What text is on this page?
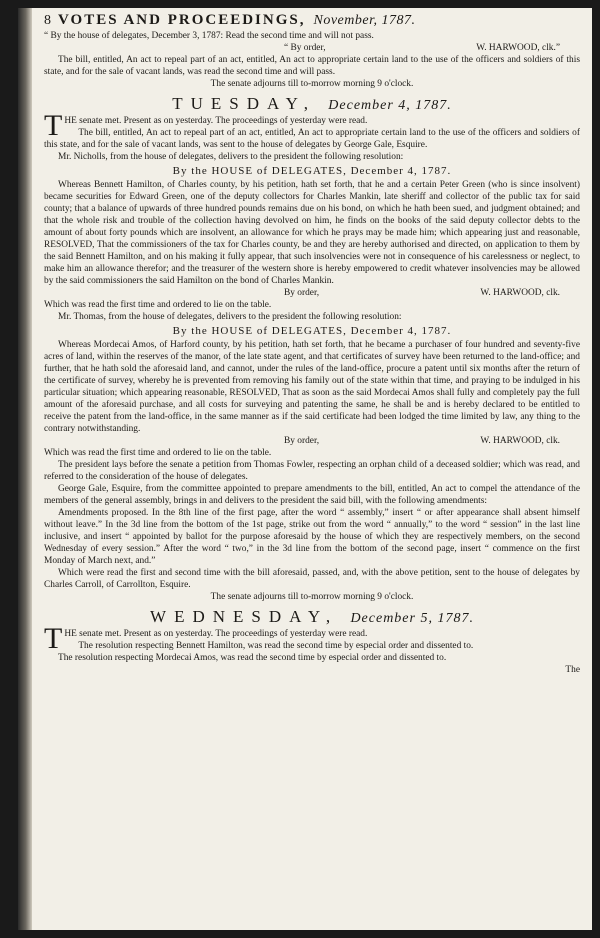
8 VOTES AND PROCEEDINGS, November, 1787.

“ By the house of delegates, December 3, 1787: Read the second time and will not pass.

“ By order,	W. HARWOOD, clk.”

The bill, entitled, An act to repeal part of an act, entitled, An act to appropriate certain land to the use of the officers and soldiers of this state, and for the sale of vacant lands, was read the second time and will pass.

The senate adjourns till to-morrow morning 9 o'clock.

TUESDAY, December 4, 1787.

T HE senate met. Present as on yesterday. The proceedings of yesterday were read.

The bill, entitled, An act to repeal part of an act, entitled, An act to appropriate certain land to the use of the officers and soldiers of this state, and for the sale of vacant lands, was sent to the house of delegates by George Gale, Esquire.

Mr. Nicholls, from the house of delegates, delivers to the president the following resolution:

By the HOUSE of DELEGATES, December 4, 1787.

Whereas Bennett Hamilton, of Charles county, by his petition, hath set forth, that he and a certain Peter Green (who is since insolvent) became securities for Edward Green, one of the deputy collectors for Charles Mankin, late sheriff and collector of the public tax for said county; that a balance of upwards of three hundred pounds remains due on his bond, on which he hath been sued, and judgment obtained; and that the whole risk and trouble of the collection having devolved on him, he finds on the books of the said deputy collector debts to the amount of about forty pounds which are insolvent, an allowance for which he prays may be made him; which appearing just and reasonable, RESOLVED, That the commissioners of the tax for Charles county, be and they are hereby authorised and directed, on application to them by the said Bennett Hamilton, and on his making it fully appear, that such insolvencies were not in consequence of his carelessness or neglect, to make him an allowance therefor; and the treasurer of the western shore is hereby empowered to credit whatever insolvencies may be allowed by the said commissioners the said Hamilton on the bond of Charles Mankin.

By order,	W. HARWOOD, clk.

Which was read the first time and ordered to lie on the table.

Mr. Thomas, from the house of delegates, delivers to the president the following resolution:

By the HOUSE of DELEGATES, December 4, 1787.

Whereas Mordecai Amos, of Harford county, by his petition, hath set forth, that he became a purchaser of four hundred and seventy-five acres of land, within the reserves of the manor, of the late state agent, and that certificates of survey have been returned to the land-office; and further, that he hath sold the aforesaid land, and cannot, under the rules of the land-office, procure a patent until six months after the return of the certificate of survey, whereby he is prevented from removing his family out of the state within that time, and praying to be indulged in his particular situation; which appearing reasonable, RESOLVED, That as soon as the said Mordecai Amos shall fully and completely pay the full amount of the aforesaid purchase, and all costs for surveying and patenting the same, he shall be and is hereby declared to be entitled to receive the patent from the land-office, in the same manner as if the said certificate had been lodged the time limited by law, any thing to the contrary notwithstanding.

By order,	W. HARWOOD, clk.

Which was read the first time and ordered to lie on the table.

The president lays before the senate a petition from Thomas Fowler, respecting an orphan child of a deceased soldier; which was read, and referred to the consideration of the house of delegates.

George Gale, Esquire, from the committee appointed to prepare amendments to the bill, entitled, An act to compel the attendance of the members of the general assembly, brings in and delivers to the president the said bill, with the following amendments:

Amendments proposed. In the 8th line of the first page, after the word “ assembly,” insert “ or after appearance shall absent himself without leave.” In the 3d line from the bottom of the 1st page, strike out from the word “ annually,” to the word “ session” in the last line inclusive, and insert “ appointed by ballot for the purpose aforesaid by the house of which they are respectively members, on the second Wednesday of every session.” After the word “ two,” in the 3d line from the bottom of the second page, insert “ commence on the first Monday of March next, and.”

Which were read the first and second time with the bill aforesaid, passed, and, with the above petition, sent to the house of delegates by Charles Carroll, of Carrollton, Esquire.

The senate adjourns till to-morrow morning 9 o'clock.

WEDNESDAY, December 5, 1787.

T HE senate met. Present as on yesterday. The proceedings of yesterday were read.

The resolution respecting Bennett Hamilton, was read the second time by especial order and dissented to.

The resolution respecting Mordecai Amos, was read the second time by especial order and dissented to.

The
